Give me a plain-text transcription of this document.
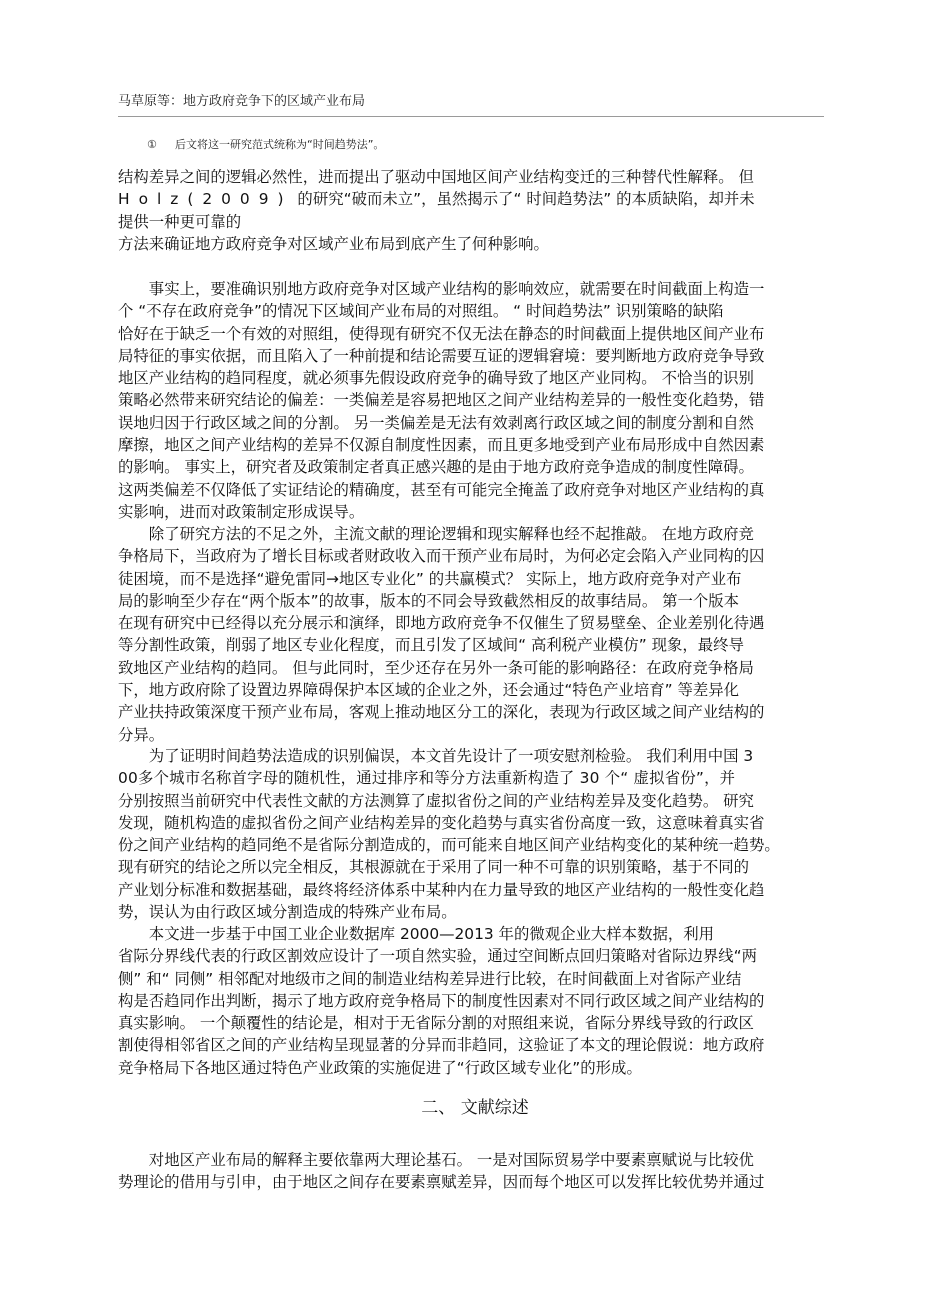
马草原等：地方政府竞争下的区域产业布局
① 后文将这一研究范式统称为“时间趋势法”。
结构差异之间的逻辑必然性，进而提出了驱动中国地区间产业结构变迁的三种替代性解释。 但
Holz(2009) 的研究“破而未立”，虽然揭示了“ 时间趋势法” 的本质缺陷，却并未
提供一种更可靠的
方法来确证地方政府竞争对区域产业布局到底产生了何种影响。
事实上，要准确识别地方政府竞争对区域产业结构的影响效应，就需要在时间截面上构造一
个 “不存在政府竞争”的情况下区域间产业布局的对照组。 “ 时间趋势法” 识别策略的缺陷
恰好在于缺乏一个有效的对照组，使得现有研究不仅无法在静态的时间截面上提供地区间产业布
局特征的事实依据，而且陷入了一种前提和结论需要互证的逻辑窘境：要判断地方政府竞争导致
地区产业结构的趋同程度，就必须事先假设政府竞争的确导致了地区产业同构。 不恰当的识别
策略必然带来研究结论的偏差：一类偏差是容易把地区之间产业结构差异的一般性变化趋势，错
误地归因于行政区域之间的分割。 另一类偏差是无法有效剥离行政区域之间的制度分割和自然
摩擦，地区之间产业结构的差异不仅源自制度性因素，而且更多地受到产业布局形成中自然因素
的影响。 事实上，研究者及政策制定者真正感兴趣的是由于地方政府竞争造成的制度性障碍。
这两类偏差不仅降低了实证结论的精确度，甚至有可能完全掩盖了政府竞争对地区产业结构的真
实影响，进而对政策制定形成误导。
除了研究方法的不足之外，主流文献的理论逻辑和现实解释也经不起推敲。 在地方政府竞
争格局下，当政府为了增长目标或者财政收入而干预产业布局时，为何必定会陷入产业同构的囚
徒困境，而不是选择“避免雷同→地区专业化” 的共赢模式？ 实际上，地方政府竞争对产业布
局的影响至少存在“两个版本”的故事，版本的不同会导致截然相反的故事结局。 第一个版本
在现有研究中已经得以充分展示和演绎，即地方政府竞争不仅催生了贸易壁垒、企业差别化待遇
等分割性政策，削弱了地区专业化程度，而且引发了区域间“ 高利税产业模仿” 现象，最终导
致地区产业结构的趋同。 但与此同时，至少还存在另外一条可能的影响路径：在政府竞争格局
下，地方政府除了设置边界障碍保护本区域的企业之外，还会通过“特色产业培育” 等差异化
产业扶持政策深度干预产业布局，客观上推动地区分工的深化，表现为行政区域之间产业结构的
分异。
为了证明时间趋势法造成的识别偏误，本文首先设计了一项安慰剂检验。 我们利用中国 3
00多个城市名称首字母的随机性，通过排序和等分方法重新构造了 30 个“ 虚拟省份”，并
分别按照当前研究中代表性文献的方法测算了虚拟省份之间的产业结构差异及变化趋势。 研究
发现，随机构造的虚拟省份之间产业结构差异的变化趋势与真实省份高度一致，这意味着真实省
份之间产业结构的趋同绝不是省际分割造成的，而可能来自地区间产业结构变化的某种统一趋势。
现有研究的结论之所以完全相反，其根源就在于采用了同一种不可靠的识别策略，基于不同的
产业划分标准和数据基础，最终将经济体系中某种内在力量导致的地区产业结构的一般性变化趋
势，误认为由行政区域分割造成的特殊产业布局。
本文进一步基于中国工业企业数据库 2000—2013 年的微观企业大样本数据，利用
省际分界线代表的行政区割效应设计了一项自然实验，通过空间断点回归策略对省际边界线“两
侧” 和“ 同侧” 相邻配对地级市之间的制造业结构差异进行比较，在时间截面上对省际产业结
构是否趋同作出判断，揭示了地方政府竞争格局下的制度性因素对不同行政区域之间产业结构的
真实影响。 一个颠覆性的结论是，相对于无省际分割的对照组来说，省际分界线导致的行政区
割使得相邻省区之间的产业结构呈现显著的分异而非趋同，这验证了本文的理论假说：地方政府
竞争格局下各地区通过特色产业政策的实施促进了“行政区域专业化”的形成。
二、 文献综述
对地区产业布局的解释主要依靠两大理论基石。 一是对国际贸易学中要素禀赋说与比较优
势理论的借用与引申，由于地区之间存在要素禀赋差异，因而每个地区可以发挥比较优势并通过
